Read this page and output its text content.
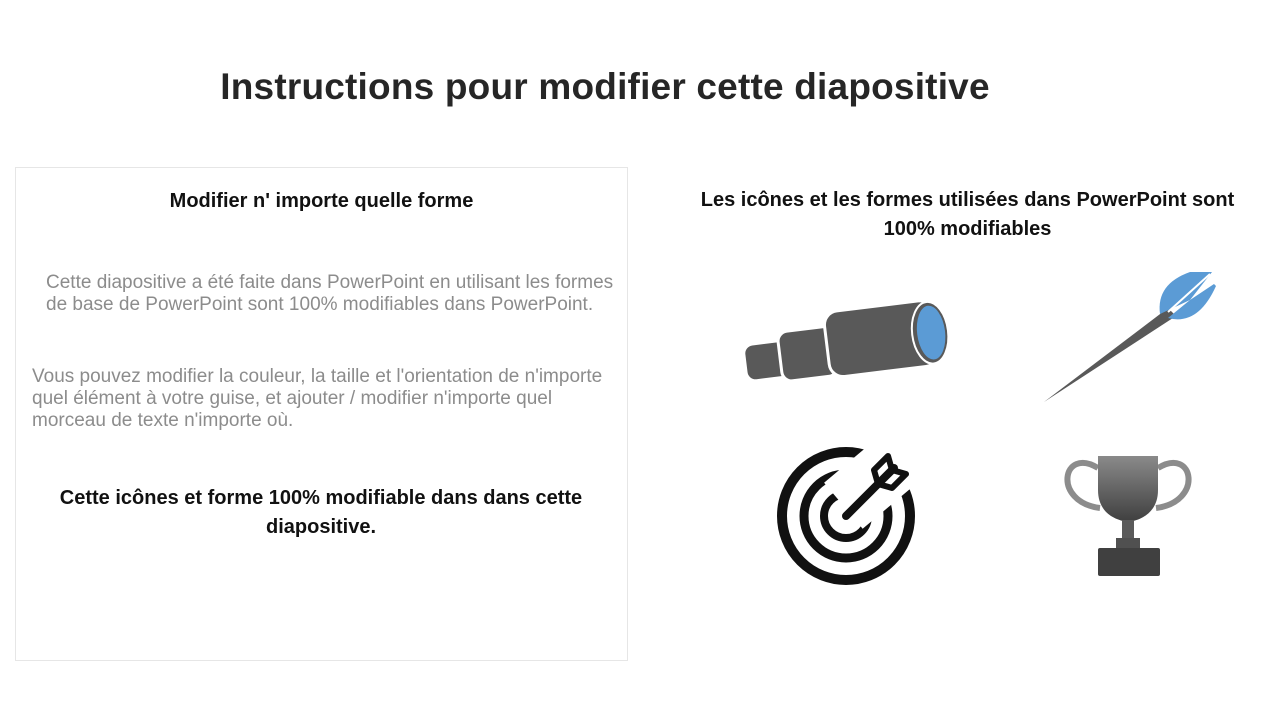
Instructions pour modifier cette diapositive
Modifier n' importe quelle forme
Cette diapositive a été faite dans PowerPoint en utilisant les formes de base de PowerPoint sont 100% modifiables dans PowerPoint.
Vous pouvez modifier la couleur, la taille et l'orientation de n'importe quel élément à votre guise, et ajouter / modifier n'importe quel morceau de texte n'importe où.
Cette icônes et forme 100% modifiable dans dans cette diapositive.
Les icônes et les formes utilisées dans PowerPoint sont 100% modifiables
